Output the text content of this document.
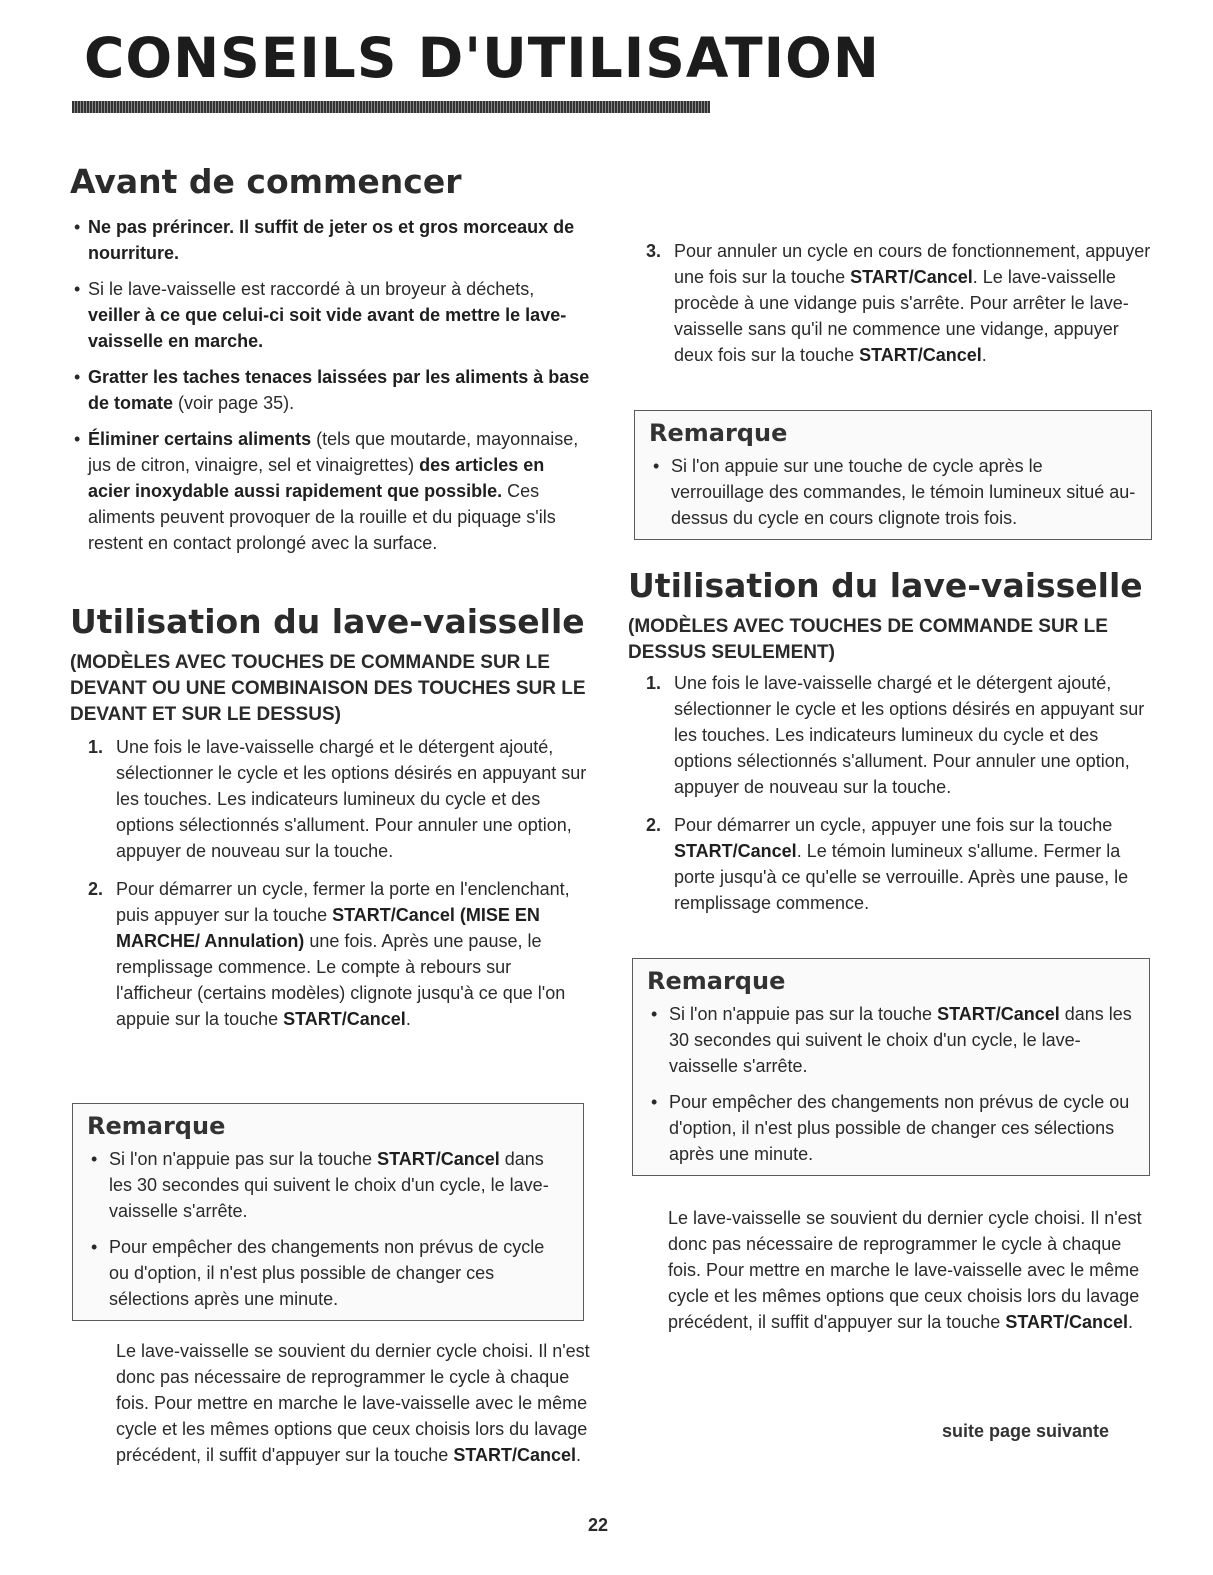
CONSEILS D'UTILISATION
Avant de commencer
• Ne pas prérincer. Il suffit de jeter os et gros morceaux de nourriture.
• Si le lave-vaisselle est raccordé à un broyeur à déchets, veiller à ce que celui-ci soit vide avant de mettre le lave-vaisselle en marche.
• Gratter les taches tenaces laissées par les aliments à base de tomate (voir page 35).
• Éliminer certains aliments (tels que moutarde, mayonnaise, jus de citron, vinaigre, sel et vinaigrettes) des articles en acier inoxydable aussi rapidement que possible. Ces aliments peuvent provoquer de la rouille et du piquage s'ils restent en contact prolongé avec la surface.
Utilisation du lave-vaisselle
(MODÈLES AVEC TOUCHES DE COMMANDE SUR LE DEVANT OU UNE COMBINAISON DES TOUCHES SUR LE DEVANT ET SUR LE DESSUS)
1. Une fois le lave-vaisselle chargé et le détergent ajouté, sélectionner le cycle et les options désirés en appuyant sur les touches. Les indicateurs lumineux du cycle et des options sélectionnés s'allument. Pour annuler une option, appuyer de nouveau sur la touche.
2. Pour démarrer un cycle, fermer la porte en l'enclenchant, puis appuyer sur la touche START/Cancel (MISE EN MARCHE/ Annulation) une fois. Après une pause, le remplissage commence. Le compte à rebours sur l'afficheur (certains modèles) clignote jusqu'à ce que l'on appuie sur la touche START/Cancel.
Remarque
• Si l'on n'appuie pas sur la touche START/Cancel dans les 30 secondes qui suivent le choix d'un cycle, le lave-vaisselle s'arrête.
• Pour empêcher des changements non prévus de cycle ou d'option, il n'est plus possible de changer ces sélections après une minute.

Le lave-vaisselle se souvient du dernier cycle choisi. Il n'est donc pas nécessaire de reprogrammer le cycle à chaque fois. Pour mettre en marche le lave-vaisselle avec le même cycle et les mêmes options que ceux choisis lors du lavage précédent, il suffit d'appuyer sur la touche START/Cancel.

3. Pour annuler un cycle en cours de fonctionnement, appuyer une fois sur la touche START/Cancel. Le lave-vaisselle procède à une vidange puis s'arrête. Pour arrêter le lave-vaisselle sans qu'il ne commence une vidange, appuyer deux fois sur la touche START/Cancel.
Remarque
• Si l'on appuie sur une touche de cycle après le verrouillage des commandes, le témoin lumineux situé au-dessus du cycle en cours clignote trois fois.
Utilisation du lave-vaisselle
(MODÈLES AVEC TOUCHES DE COMMANDE SUR LE DESSUS SEULEMENT)
1. Une fois le lave-vaisselle chargé et le détergent ajouté, sélectionner le cycle et les options désirés en appuyant sur les touches. Les indicateurs lumineux du cycle et des options sélectionnés s'allument. Pour annuler une option, appuyer de nouveau sur la touche.
2. Pour démarrer un cycle, appuyer une fois sur la touche START/Cancel. Le témoin lumineux s'allume. Fermer la porte jusqu'à ce qu'elle se verrouille. Après une pause, le remplissage commence.
Remarque
• Si l'on n'appuie pas sur la touche START/Cancel dans les 30 secondes qui suivent le choix d'un cycle, le lave-vaisselle s'arrête.
• Pour empêcher des changements non prévus de cycle ou d'option, il n'est plus possible de changer ces sélections après une minute.

Le lave-vaisselle se souvient du dernier cycle choisi. Il n'est donc pas nécessaire de reprogrammer le cycle à chaque fois. Pour mettre en marche le lave-vaisselle avec le même cycle et les mêmes options que ceux choisis lors du lavage précédent, il suffit d'appuyer sur la touche START/Cancel.

suite page suivante
22
